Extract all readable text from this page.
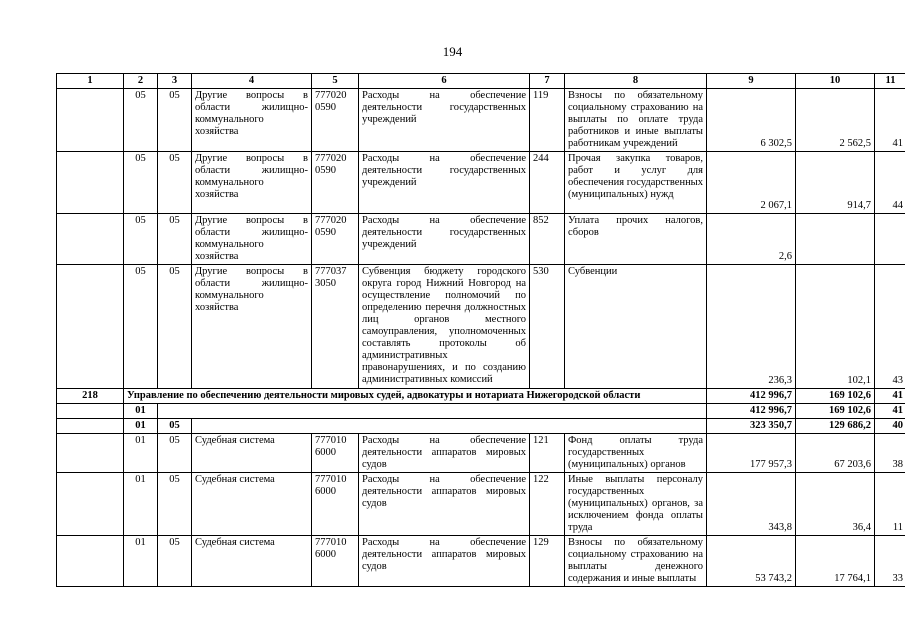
194
1	2	3	4	5	6	7	8	9	10	11
	05	05	Другие вопросы в области жилищно-коммунального хозяйства	777020 0590	Расходы на обеспечение деятельности государственных учреждений	119	Взносы по обязательному социальному страхованию на выплаты по оплате труда работников и иные выплаты работникам учреждений	6 302,5	2 562,5	41
	05	05	Другие вопросы в области жилищно-коммунального хозяйства	777020 0590	Расходы на обеспечение деятельности государственных учреждений	244	Прочая закупка товаров, работ и услуг для обеспечения государственных (муниципальных) нужд	2 067,1	914,7	44
	05	05	Другие вопросы в области жилищно-коммунального хозяйства	777020 0590	Расходы на обеспечение деятельности государственных учреждений	852	Уплата прочих налогов, сборов	2,6		
	05	05	Другие вопросы в области жилищно-коммунального хозяйства	777037 3050	Субвенция бюджету городского округа город Нижний Новгород на осуществление полномочий по определению перечня должностных лиц органов местного самоуправления, уполномоченных составлять протоколы об административных правонарушениях, и по созданию административных комиссий	530	Субвенции	236,3	102,1	43
218	Управление по обеспечению деятельности мировых судей, адвокатуры и нотариата Нижегородской области							412 996,7	169 102,6	41
	01							412 996,7	169 102,6	41
	01	05						323 350,7	129 686,2	40
	01	05	Судебная система	777010 6000	Расходы на обеспечение деятельности аппаратов мировых судов	121	Фонд оплаты труда государственных (муниципальных) органов	177 957,3	67 203,6	38
	01	05	Судебная система	777010 6000	Расходы на обеспечение деятельности аппаратов мировых судов	122	Иные выплаты персоналу государственных (муниципальных) органов, за исключением фонда оплаты труда	343,8	36,4	11
	01	05	Судебная система	777010 6000	Расходы на обеспечение деятельности аппаратов мировых судов	129	Взносы по обязательному социальному страхованию на выплаты денежного содержания и иные выплаты	53 743,2	17 764,1	33
